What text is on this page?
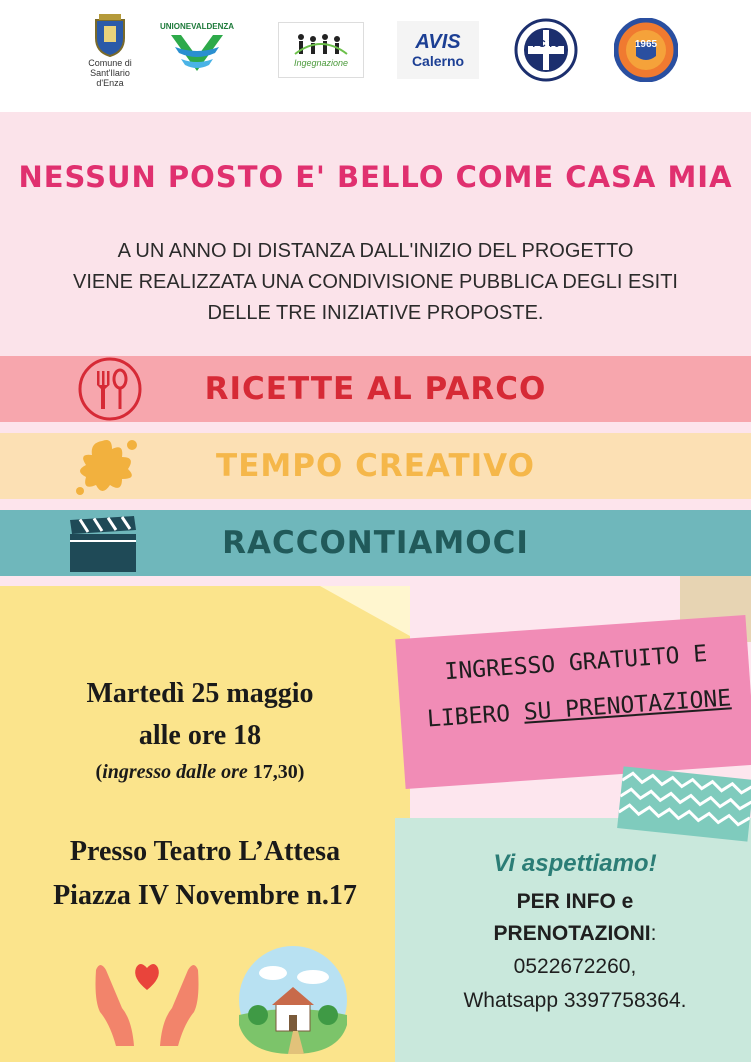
Comune di
Sant'Ilario d'Enza
UNIONEVALDENZA
Ingegnazione
AVIS
Calerno
FC 70	1965
NESSUN POSTO E' BELLO COME CASA MIA
A UN ANNO DI DISTANZA DALL'INIZIO DEL PROGETTO
VIENE REALIZZATA UNA CONDIVISIONE PUBBLICA DEGLI ESITI
DELLE TRE INIZIATIVE PROPOSTE.
RICETTE AL PARCO
TEMPO CREATIVO
RACCONTIAMOCI
Martedì 25 maggio
alle ore 18
(ingresso dalle ore 17,30)
Presso Teatro L’Attesa
Piazza IV Novembre n.17
INGRESSO GRATUITO E
LIBERO SU PRENOTAZIONE
Vi aspettiamo!
PER INFO e
PRENOTAZIONI:
0522672260,
Whatsapp 3397758364.
